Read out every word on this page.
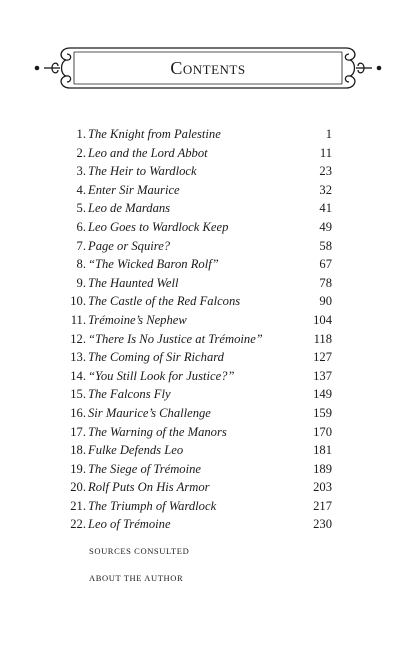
Contents
1. The Knight from Palestine	1
2. Leo and the Lord Abbot	11
3. The Heir to Wardlock	23
4. Enter Sir Maurice	32
5. Leo de Mardans	41
6. Leo Goes to Wardlock Keep	49
7. Page or Squire?	58
8. “The Wicked Baron Rolf”	67
9. The Haunted Well	78
10. The Castle of the Red Falcons	90
11. Trémoine’s Nephew	104
12. “There Is No Justice at Trémoine”	118
13. The Coming of Sir Richard	127
14. “You Still Look for Justice?”	137
15. The Falcons Fly	149
16. Sir Maurice’s Challenge	159
17. The Warning of the Manors	170
18. Fulke Defends Leo	181
19. The Siege of Trémoine	189
20. Rolf Puts On His Armor	203
21. The Triumph of Wardlock	217
22. Leo of Trémoine	230
SOURCES CONSULTED
ABOUT THE AUTHOR
